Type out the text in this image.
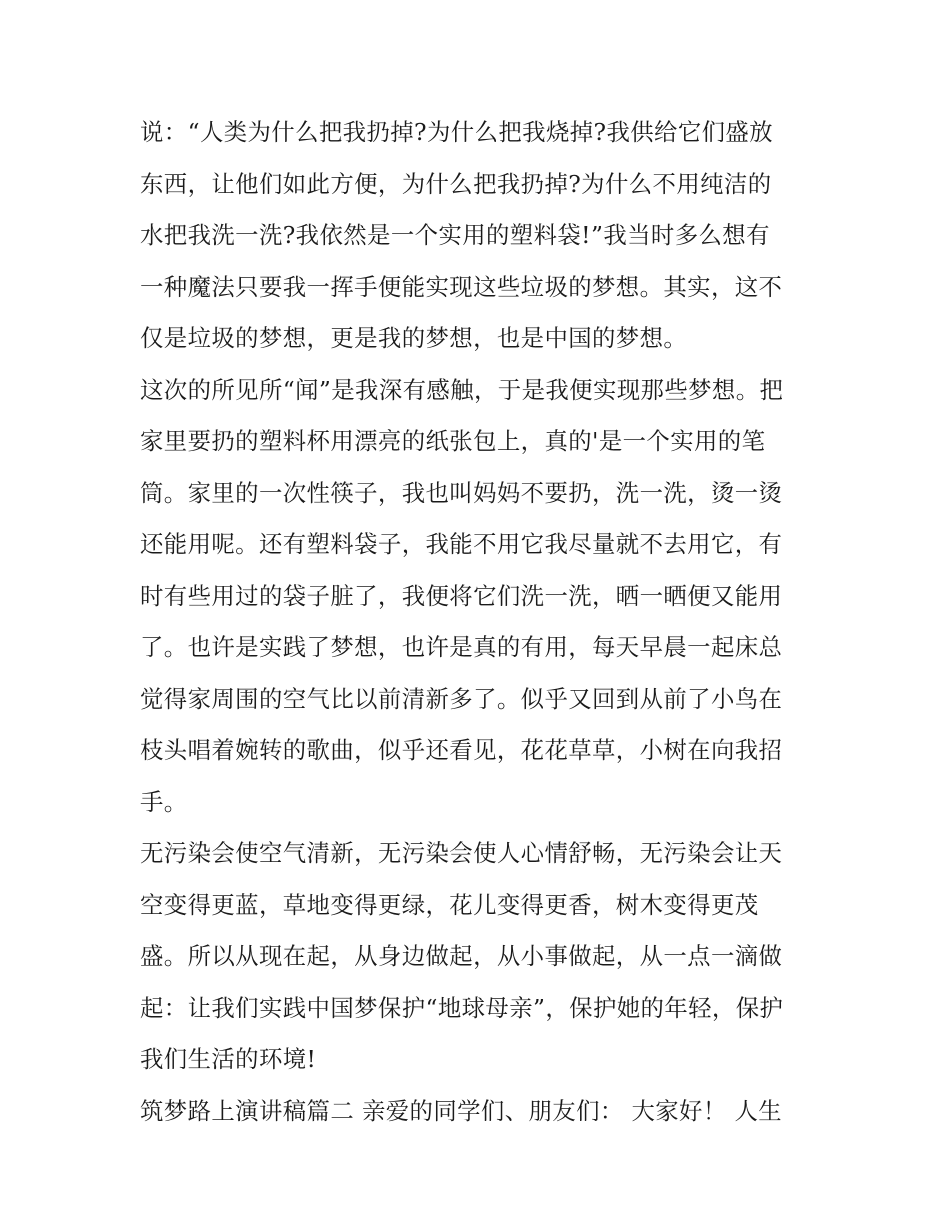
说：“人类为什么把我扔掉?为什么把我烧掉?我供给它们盛放
东西，让他们如此方便，为什么把我扔掉?为什么不用纯洁的
水把我洗一洗?我依然是一个实用的塑料袋!”我当时多么想有
一种魔法只要我一挥手便能实现这些垃圾的梦想。其实，这不
仅是垃圾的梦想，更是我的梦想，也是中国的梦想。
这次的所见所“闻”是我深有感触，于是我便实现那些梦想。把
家里要扔的塑料杯用漂亮的纸张包上，真的'是一个实用的笔
筒。家里的一次性筷子，我也叫妈妈不要扔，洗一洗，烫一烫
还能用呢。还有塑料袋子，我能不用它我尽量就不去用它，有
时有些用过的袋子脏了，我便将它们洗一洗，晒一晒便又能用
了。也许是实践了梦想，也许是真的有用，每天早晨一起床总
觉得家周围的空气比以前清新多了。似乎又回到从前了小鸟在
枝头唱着婉转的歌曲，似乎还看见，花花草草，小树在向我招
手。
无污染会使空气清新，无污染会使人心情舒畅，无污染会让天
空变得更蓝，草地变得更绿，花儿变得更香，树木变得更茂
盛。所以从现在起，从身边做起，从小事做起，从一点一滴做
起：让我们实践中国梦保护“地球母亲”，保护她的年轻，保护
我们生活的环境!
筑梦路上演讲稿篇二 亲爱的同学们、朋友们： 大家好！ 人生
